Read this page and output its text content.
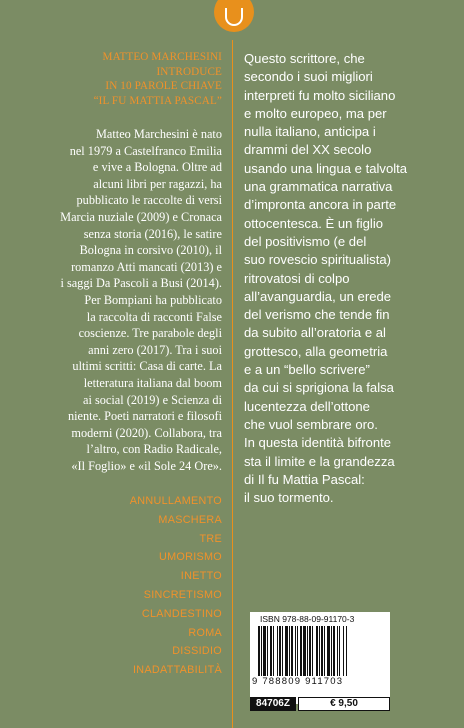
MATTEO MARCHESINI
INTRODUCE
IN 10 PAROLE CHIAVE
“IL FU MATTIA PASCAL”
Matteo Marchesini è nato
nel 1979 a Castelfranco Emilia
e vive a Bologna. Oltre ad
alcuni libri per ragazzi, ha
pubblicato le raccolte di versi
Marcia nuziale (2009) e Cronaca
senza storia (2016), le satire
Bologna in corsivo (2010), il
romanzo Atti mancati (2013) e
i saggi Da Pascoli a Busi (2014).
Per Bompiani ha pubblicato
la raccolta di racconti False
coscienze. Tre parabole degli
anni zero (2017). Tra i suoi
ultimi scritti: Casa di carte. La
letteratura italiana dal boom
ai social (2019) e Scienza di
niente. Poeti narratori e filosofi
moderni (2020). Collabora, tra
l’altro, con Radio Radicale,
«Il Foglio» e «il Sole 24 Ore».
ANNULLAMENTO
MASCHERA
TRE
UMORISMO
INETTO
SINCRETISMO
CLANDESTINO
ROMA
DISSIDIO
INADATTABILITÀ
Questo scrittore, che
secondo i suoi migliori
interpreti fu molto siciliano
e molto europeo, ma per
nulla italiano, anticipa i
drammi del XX secolo
usando una lingua e talvolta
una grammatica narrativa
d’impronta ancora in parte
ottocentesca. È un figlio
del positivismo (e del
suo rovescio spiritualista)
ritrovatosi di colpo
all’avanguardia, un erede
del verismo che tende fin
da subito all’oratoria e al
grottesco, alla geometria
e a un “bello scrivere”
da cui si sprigiona la falsa
lucentezza dell’ottone
che vuol sembrare oro.
In questa identità bifronte
sta il limite e la grandezza
di Il fu Mattia Pascal:
il suo tormento.
ISBN 978-88-09-91170-3
9 788809 911703
84706Z	€ 9,50
